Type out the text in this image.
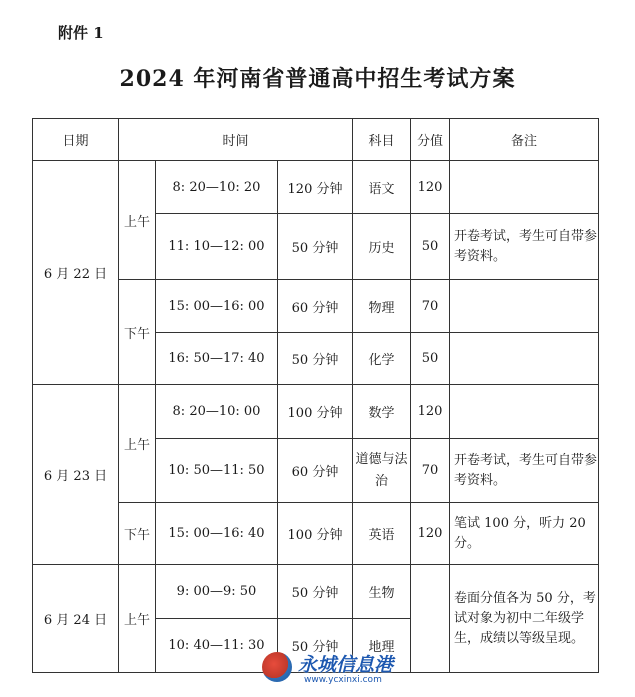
附件 1
2024 年河南省普通高中招生考试方案
日期	时间			科目	分值	备注
6 月 22 日	上午	8: 20—10: 20	120 分钟	语文	120	
		11: 10—12: 00	50 分钟	历史	50	开卷考试，考生可自带参考资料。
	下午	15: 00—16: 00	60 分钟	物理	70	
		16: 50—17: 40	50 分钟	化学	50	
6 月 23 日	上午	8: 20—10: 00	100 分钟	数学	120	
		10: 50—11: 50	60 分钟	道德与法治	70	开卷考试，考生可自带参考资料。
	下午	15: 00—16: 40	100 分钟	英语	120	笔试 100 分，听力 20 分。
6 月 24 日	上午	9: 00—9: 50	50 分钟	生物		卷面分值各为 50 分，考试对象为初中二年级学生，成绩以等级呈现。
		10: 40—11: 30	50 分钟	地理		
永城信息港
www.ycxinxi.com
